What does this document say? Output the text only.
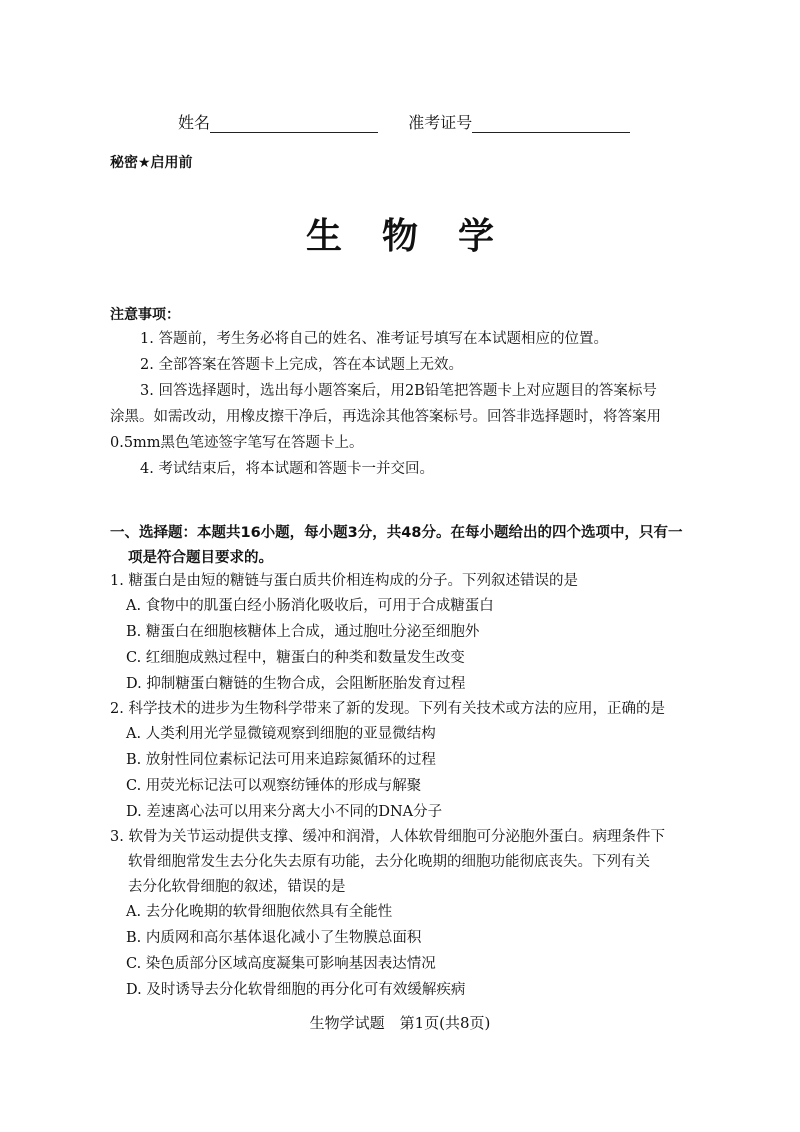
姓名	准考证号
秘密★启用前
生物学
注意事项：
1. 答题前，考生务必将自己的姓名、准考证号填写在本试题相应的位置。
2. 全部答案在答题卡上完成，答在本试题上无效。
3. 回答选择题时，选出每小题答案后，用2B铅笔把答题卡上对应题目的答案标号
涂黑。如需改动，用橡皮擦干净后，再选涂其他答案标号。回答非选择题时，将答案用
0.5mm黑色笔迹签字笔写在答题卡上。
4. 考试结束后，将本试题和答题卡一并交回。
一、选择题：本题共16小题，每小题3分，共48分。在每小题给出的四个选项中，只有一
项是符合题目要求的。
1. 糖蛋白是由短的糖链与蛋白质共价相连构成的分子。下列叙述错误的是
A. 食物中的肌蛋白经小肠消化吸收后，可用于合成糖蛋白
B. 糖蛋白在细胞核糖体上合成，通过胞吐分泌至细胞外
C. 红细胞成熟过程中，糖蛋白的种类和数量发生改变
D. 抑制糖蛋白糖链的生物合成，会阻断胚胎发育过程
2. 科学技术的进步为生物科学带来了新的发现。下列有关技术或方法的应用，正确的是
A. 人类利用光学显微镜观察到细胞的亚显微结构
B. 放射性同位素标记法可用来追踪氮循环的过程
C. 用荧光标记法可以观察纺锤体的形成与解聚
D. 差速离心法可以用来分离大小不同的DNA分子
3. 软骨为关节运动提供支撑、缓冲和润滑，人体软骨细胞可分泌胞外蛋白。病理条件下
软骨细胞常发生去分化失去原有功能，去分化晚期的细胞功能彻底丧失。下列有关
去分化软骨细胞的叙述，错误的是
A. 去分化晚期的软骨细胞依然具有全能性
B. 内质网和高尔基体退化减小了生物膜总面积
C. 染色质部分区域高度凝集可影响基因表达情况
D. 及时诱导去分化软骨细胞的再分化可有效缓解疾病
生物学试题　第1页(共8页)
